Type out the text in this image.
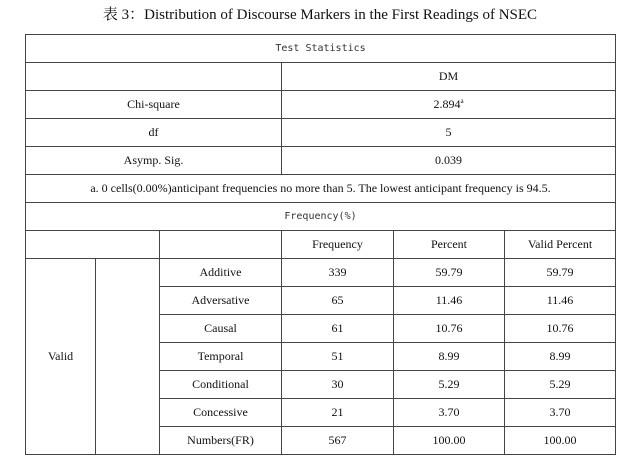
表 3：Distribution of Discourse Markers in the First Readings of NSEC
Test Statistics					
			DM		
Chi-square			2.894$^a$
df			5		
Asymp. Sig.			0.039		
a. 0 cells(0.00%)anticipant frequencies no more than 5. The lowest anticipant frequency is 94.5.					
Frequency(%)					
			Frequency	Percent	Valid Percent
Valid		Additive	339	59.79	59.79
		Adversative	65	11.46	11.46
		Causal	61	10.76	10.76
		Temporal	51	8.99	8.99
		Conditional	30	5.29	5.29
		Concessive	21	3.70	3.70
		Numbers(FR)	567	100.00	100.00
